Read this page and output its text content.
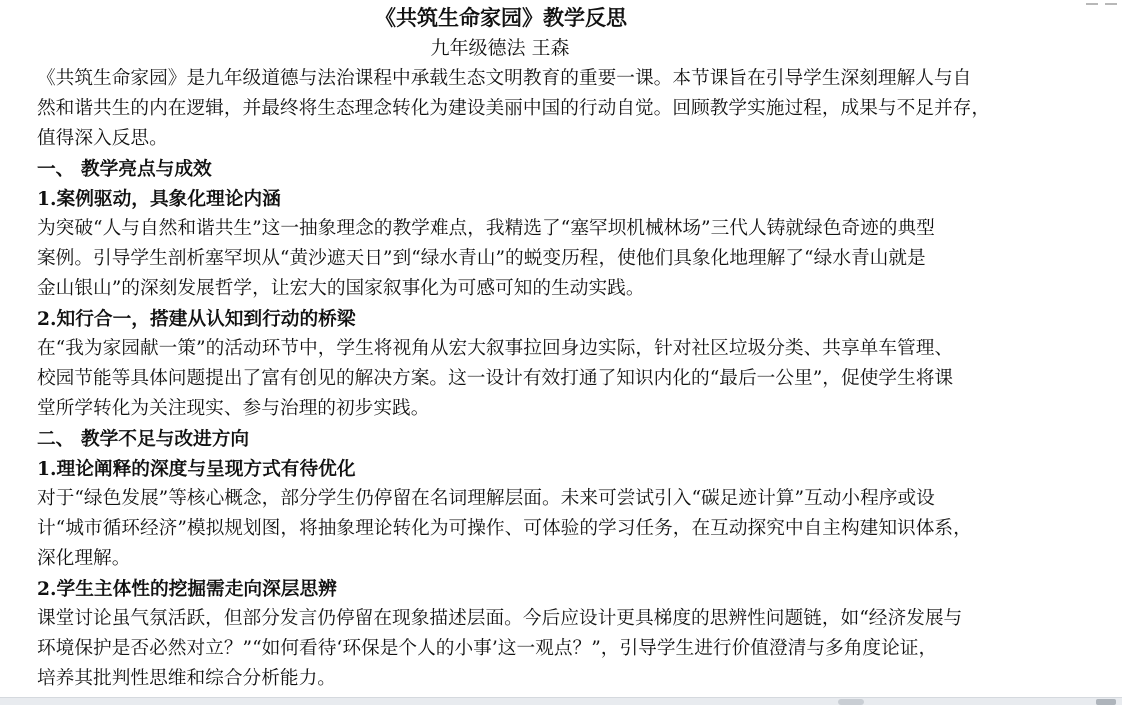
《共筑生命家园》教学反思
九年级德法 王森
《共筑生命家园》是九年级道德与法治课程中承载生态文明教育的重要一课。本节课旨在引导学生深刻理解人与自
然和谐共生的内在逻辑，并最终将生态理念转化为建设美丽中国的行动自觉。回顾教学实施过程，成果与不足并存，
值得深入反思。
一、 教学亮点与成效
1.案例驱动，具象化理论内涵
为突破“人与自然和谐共生”这一抽象理念的教学难点，我精选了“塞罕坝机械林场”三代人铸就绿色奇迹的典型
案例。引导学生剖析塞罕坝从“黄沙遮天日”到“绿水青山”的蜕变历程，使他们具象化地理解了“绿水青山就是
金山银山”的深刻发展哲学，让宏大的国家叙事化为可感可知的生动实践。
2.知行合一，搭建从认知到行动的桥梁
在“我为家园献一策”的活动环节中，学生将视角从宏大叙事拉回身边实际，针对社区垃圾分类、共享单车管理、
校园节能等具体问题提出了富有创见的解决方案。这一设计有效打通了知识内化的“最后一公里”，促使学生将课
堂所学转化为关注现实、参与治理的初步实践。
二、 教学不足与改进方向
1.理论阐释的深度与呈现方式有待优化
对于“绿色发展”等核心概念，部分学生仍停留在名词理解层面。未来可尝试引入“碳足迹计算”互动小程序或设
计“城市循环经济”模拟规划图，将抽象理论转化为可操作、可体验的学习任务，在互动探究中自主构建知识体系，
深化理解。
2.学生主体性的挖掘需走向深层思辨
课堂讨论虽气氛活跃，但部分发言仍停留在现象描述层面。今后应设计更具梯度的思辨性问题链，如“经济发展与
环境保护是否必然对立？”“如何看待‘环保是个人的小事’这一观点？”，引导学生进行价值澄清与多角度论证，
培养其批判性思维和综合分析能力。
